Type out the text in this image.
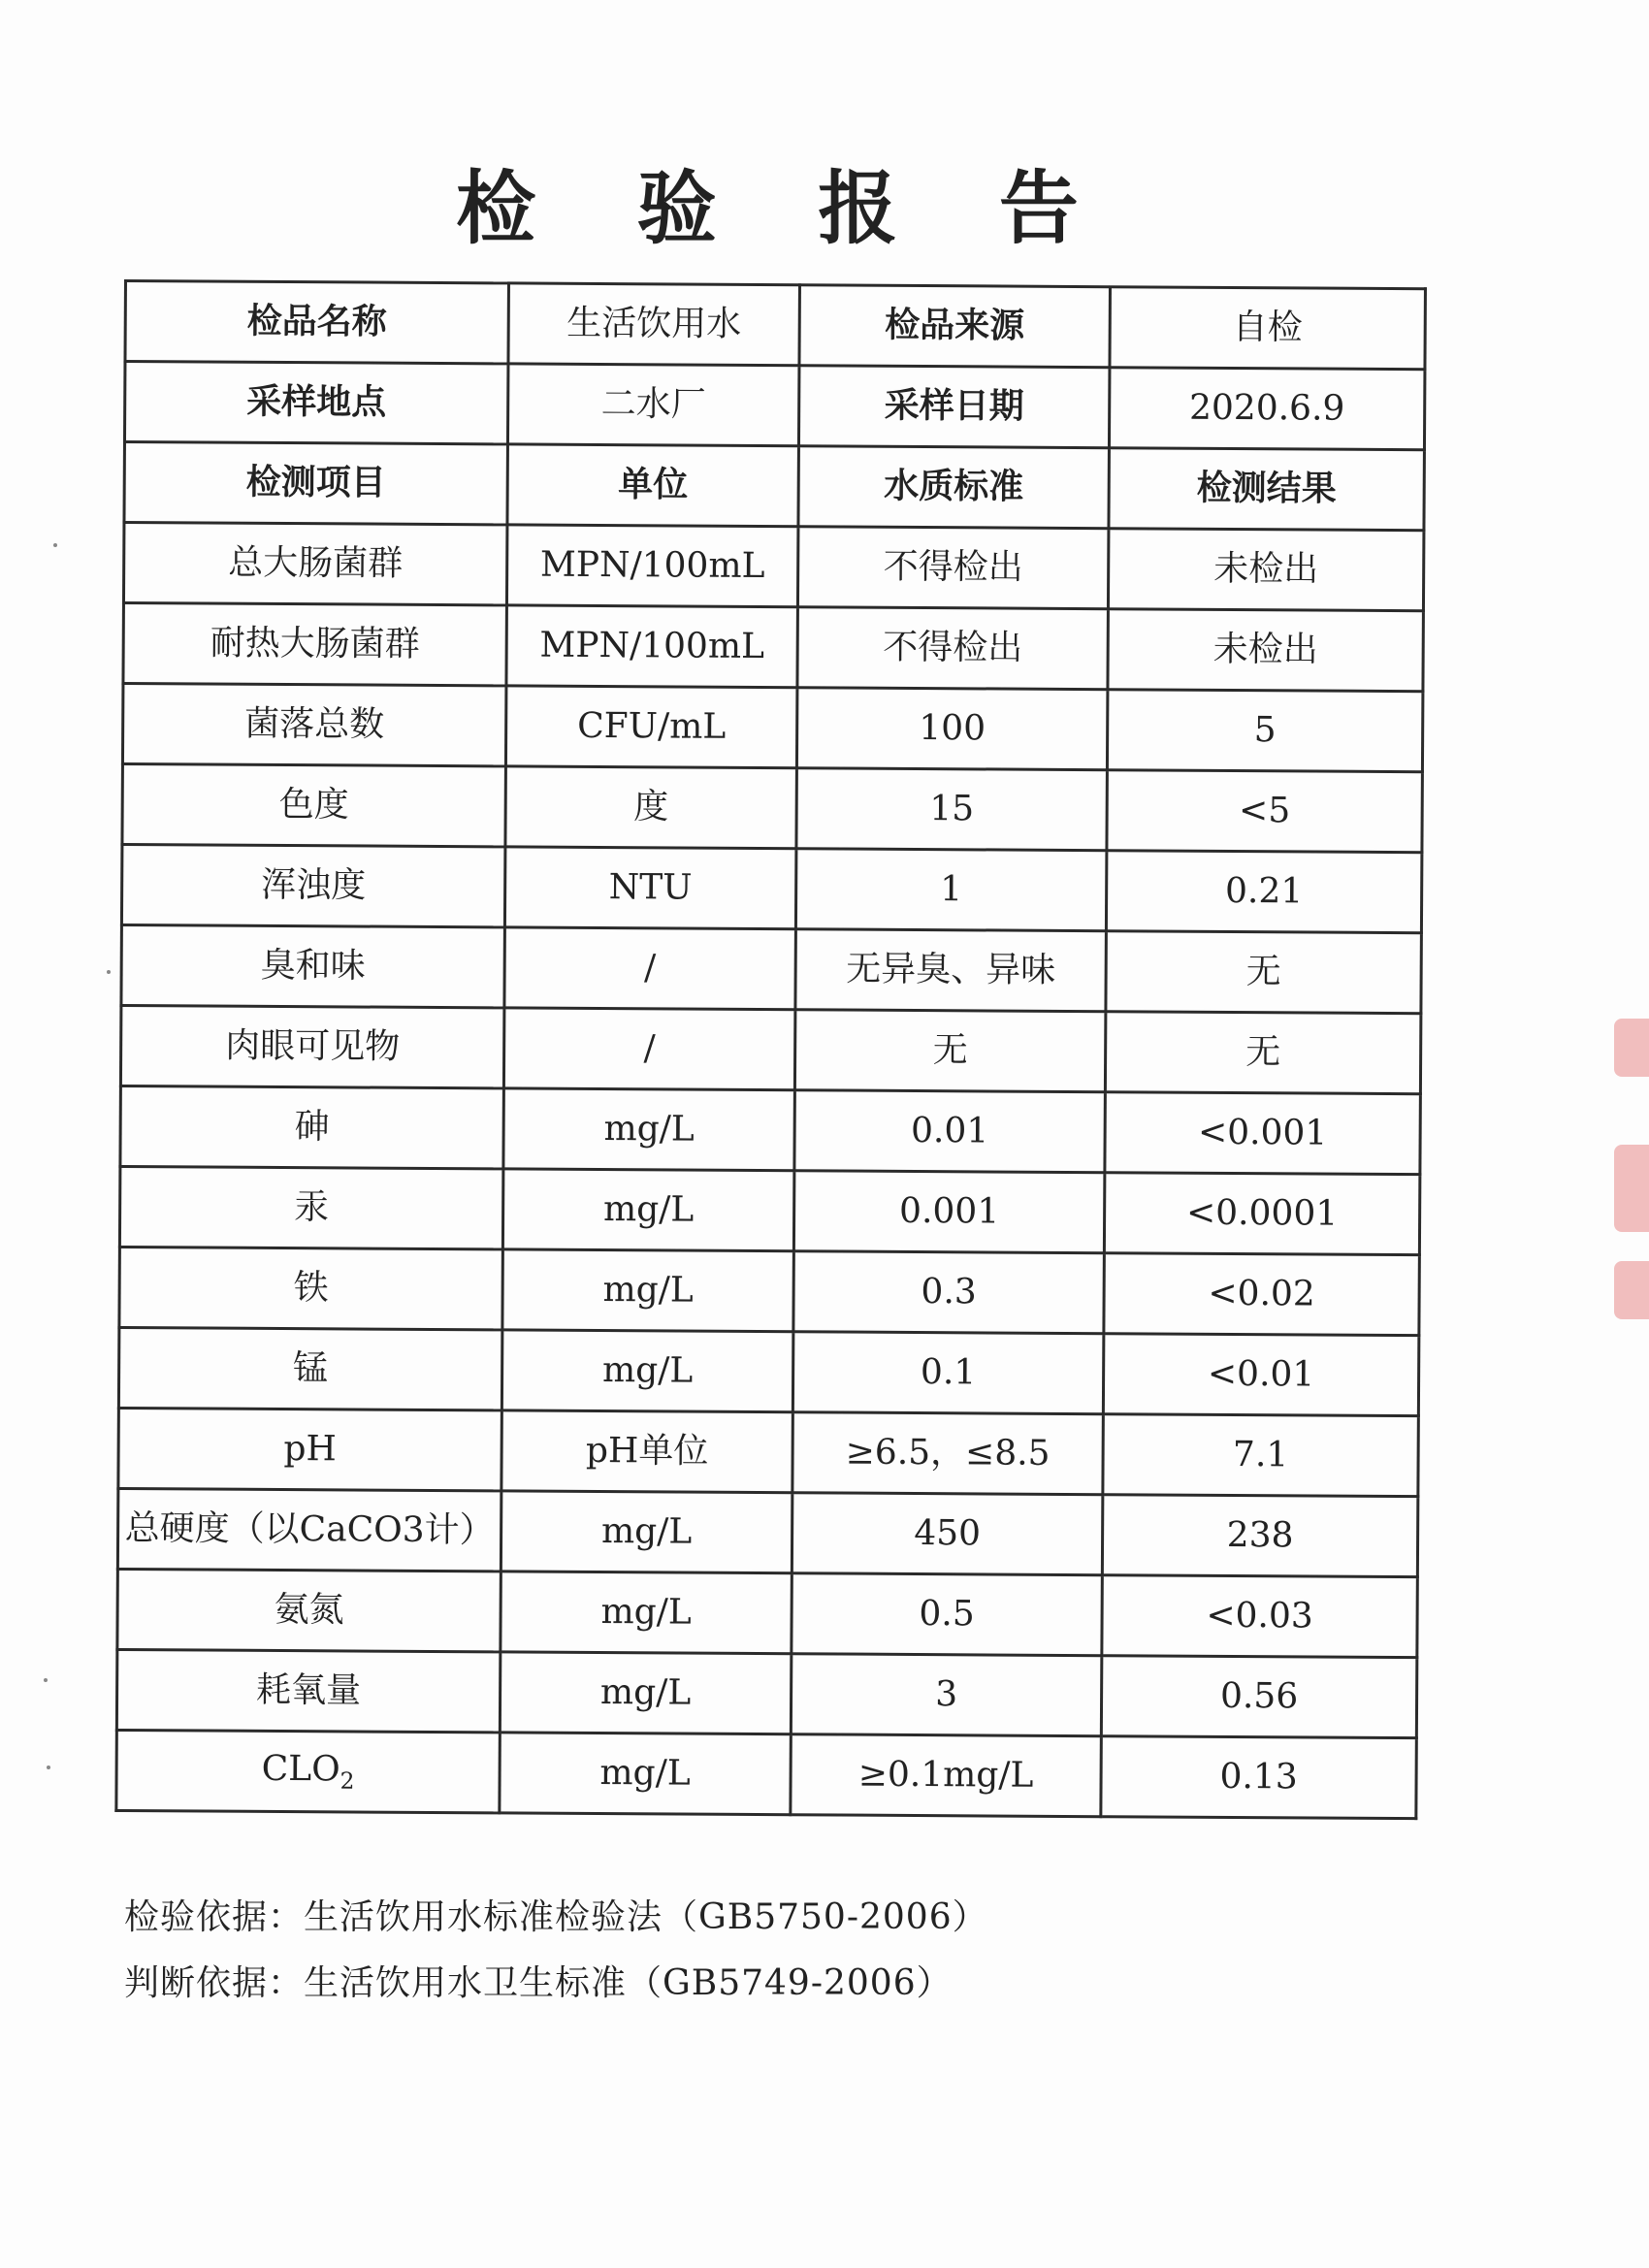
检 验 报 告
检品名称	生活饮用水	检品来源	自检
采样地点	二水厂	采样日期	2020.6.9
检测项目	单位	水质标准	检测结果
总大肠菌群	MPN/100mL	不得检出	未检出
耐热大肠菌群	MPN/100mL	不得检出	未检出
菌落总数	CFU/mL	100	5
色度	度	15	<5
浑浊度	NTU	1	0.21
臭和味	/	无异臭、异味	无
肉眼可见物	/	无	无
砷	mg/L	0.01	<0.001
汞	mg/L	0.001	<0.0001
铁	mg/L	0.3	<0.02
锰	mg/L	0.1	<0.01
pH	pH单位	≥6.5，≤8.5	7.1
总硬度（以CaCO3计）	mg/L	450	238
氨氮	mg/L	0.5	<0.03
耗氧量	mg/L	3	0.56
$CLO_2$	mg/L	≥0.1mg/L	0.13
检验依据：生活饮用水标准检验法（GB5750-2006）
判断依据：生活饮用水卫生标准（GB5749-2006）
